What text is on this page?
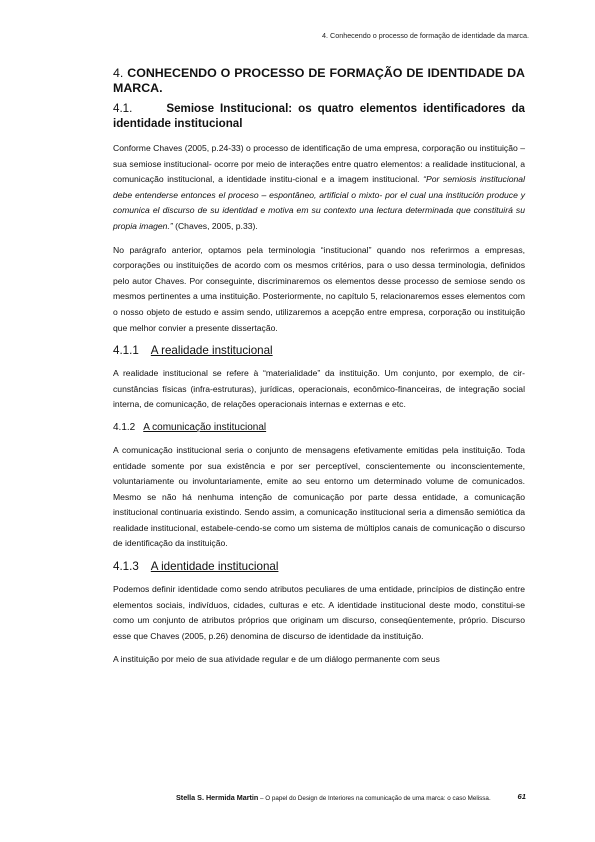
4. Conhecendo o processo de formação de identidade da marca.
4. CONHECENDO O PROCESSO DE FORMAÇÃO DE IDENTIDADE DA MARCA.
4.1.	Semiose Institucional: os quatro elementos identificadores da identidade institucional

Conforme Chaves (2005, p.24-33) o processo de identificação de uma empresa, corporação ou instituição – sua semiose institucional- ocorre por meio de interações entre quatro elementos: a realidade institucional, a comunicação institucional, a identidade institu-cional e a imagem institucional. “Por semiosis institucional debe entenderse entonces el proceso – espontâneo, artificial o mixto- por el cual una institución produce y comunica el discurso de su identidad e motiva em su contexto una lectura determinada que constituirá su propia imagen.” (Chaves, 2005, p.33).

No parágrafo anterior, optamos pela terminologia “institucional” quando nos referirmos a empresas, corporações ou instituições de acordo com os mesmos critérios, para o uso dessa terminologia, definidos pelo autor Chaves. Por conseguinte, discriminaremos os elementos desse processo de semiose sendo os mesmos pertinentes a uma instituição. Posteriormente, no capítulo 5, relacionaremos esses elementos com o nosso objeto de estudo e assim sendo, utilizaremos a acepção entre empresa, corporação ou instituição que melhor convier a presente dissertação.

4.1.1 A realidade institucional

A realidade institucional se refere à “materialidade” da instituição. Um conjunto, por exemplo, de cir-cunstâncias físicas (infra-estruturas), jurídicas, operacionais, econômico-financeiras, de integração social interna, de comunicação, de relações operacionais internas e externas e etc.

4.1.2 A comunicação institucional

A comunicação institucional seria o conjunto de mensagens efetivamente emitidas pela instituição. Toda entidade somente por sua existência e por ser perceptível, conscientemente ou inconscientemente, voluntariamente ou involuntariamente, emite ao seu entorno um determinado volume de comunicados. Mesmo se não há nenhuma intenção de comunicação por parte dessa entidade, a comunicação institucional continuaria existindo. Sendo assim, a comunicação institucional seria a dimensão semiótica da realidade institucional, estabele-cendo-se como um sistema de múltiplos canais de comunicação o discurso de identificação da instituição.

4.1.3 A identidade institucional

Podemos definir identidade como sendo atributos peculiares de uma entidade, princípios de distinção entre elementos sociais, indivíduos, cidades, culturas e etc. A identidade institucional deste modo, constitui-se como um conjunto de atributos próprios que originam um discurso, conseqüentemente, próprio. Discurso esse que Chaves (2005, p.26) denomina de discurso de identidade da instituição.

A instituição por meio de sua atividade regular e de um diálogo permanente com seus

Stella S. Hermida Martin – O papel do Design de Interiores na comunicação de uma marca: o caso Melissa.	61
